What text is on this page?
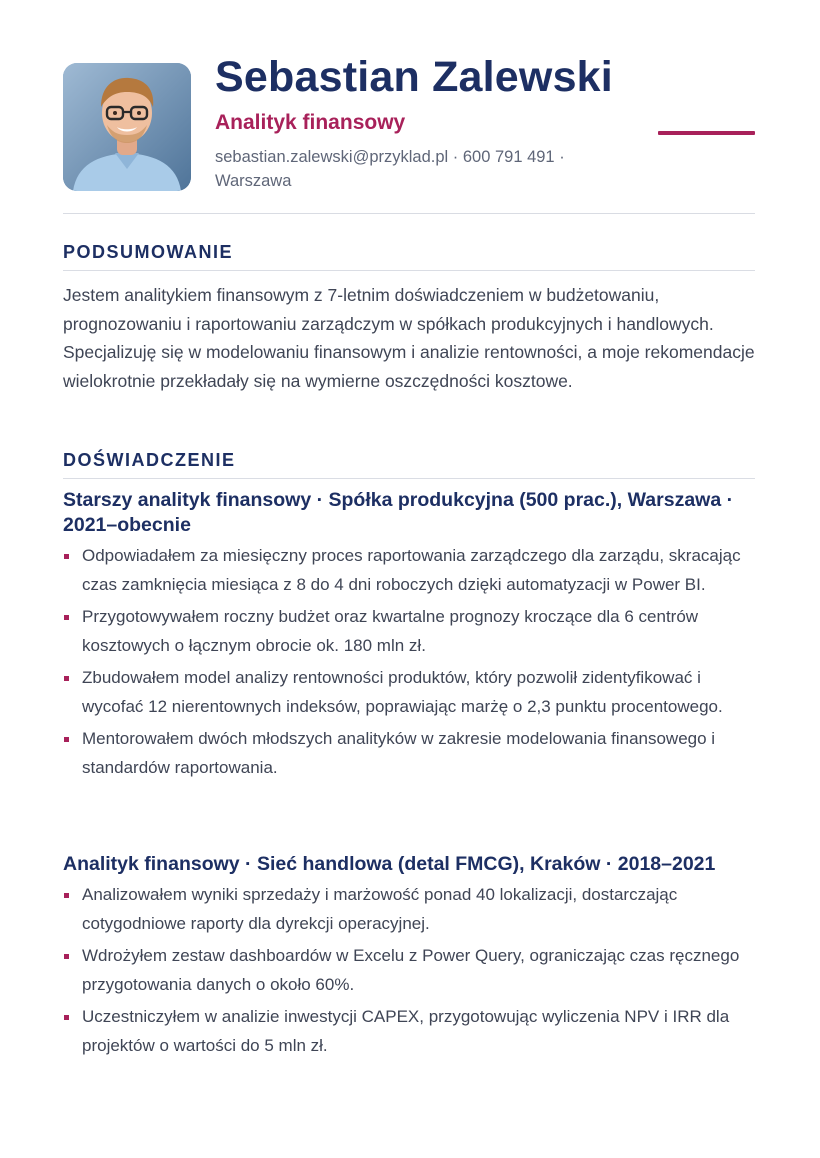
Sebastian Zalewski
Analityk finansowy

sebastian.zalewski@przyklad.pl · 600 791 491 · Warszawa

PODSUMOWANIE

Jestem analitykiem finansowym z 7-letnim doświadczeniem w budżetowaniu, prognozowaniu i raportowaniu zarządczym w spółkach produkcyjnych i handlowych. Specjalizuję się w modelowaniu finansowym i analizie rentowności, a moje rekomendacje wielokrotnie przekładały się na wymierne oszczędności kosztowe.

DOŚWIADCZENIE
Starszy analityk finansowy · Spółka produkcyjna (500 prac.), Warszawa · 2021–obecnie
Odpowiadałem za miesięczny proces raportowania zarządczego dla zarządu, skracając czas zamknięcia miesiąca z 8 do 4 dni roboczych dzięki automatyzacji w Power BI.
Przygotowywałem roczny budżet oraz kwartalne prognozy kroczące dla 6 centrów kosztowych o łącznym obrocie ok. 180 mln zł.
Zbudowałem model analizy rentowności produktów, który pozwolił zidentyfikować i wycofać 12 nierentownych indeksów, poprawiając marżę o 2,3 punktu procentowego.
Mentorowałem dwóch młodszych analityków w zakresie modelowania finansowego i standardów raportowania.
Analityk finansowy · Sieć handlowa (detal FMCG), Kraków · 2018–2021
Analizowałem wyniki sprzedaży i marżowość ponad 40 lokalizacji, dostarczając cotygodniowe raporty dla dyrekcji operacyjnej.
Wdrożyłem zestaw dashboardów w Excelu z Power Query, ograniczając czas ręcznego przygotowania danych o około 60%.
Uczestniczyłem w analizie inwestycji CAPEX, przygotowując wyliczenia NPV i IRR dla projektów o wartości do 5 mln zł.
